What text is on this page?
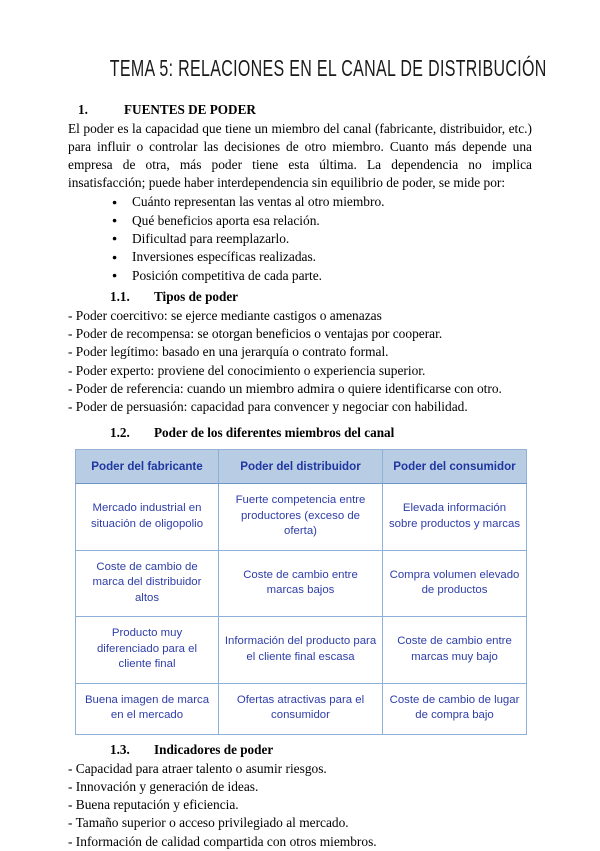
TEMA 5: RELACIONES EN EL CANAL DE DISTRIBUCIÓN
1.	FUENTES DE PODER

El poder es la capacidad que tiene un miembro del canal (fabricante, distribuidor, etc.) para influir o controlar las decisiones de otro miembro. Cuanto más depende una empresa de otra, más poder tiene esta última. La dependencia no implica insatisfacción; puede haber interdependencia sin equilibrio de poder, se mide por:

● Cuánto representan las ventas al otro miembro.
● Qué beneficios aporta esa relación.
● Dificultad para reemplazarlo.
● Inversiones específicas realizadas.
● Posición competitiva de cada parte.
1.1. Tipos de poder
- Poder coercitivo: se ejerce mediante castigos o amenazas
- Poder de recompensa: se otorgan beneficios o ventajas por cooperar.
- Poder legítimo: basado en una jerarquía o contrato formal.
- Poder experto: proviene del conocimiento o experiencia superior.
- Poder de referencia: cuando un miembro admira o quiere identificarse con otro.
- Poder de persuasión: capacidad para convencer y negociar con habilidad.
1.2. Poder de los diferentes miembros del canal
Poder del fabricante	Poder del distribuidor	Poder del consumidor
Mercado industrial en situación de oligopolio	Fuerte competencia entre productores (exceso de oferta)	Elevada información sobre productos y marcas
Coste de cambio de marca del distribuidor altos	Coste de cambio entre marcas bajos	Compra volumen elevado de productos
Producto muy diferenciado para el cliente final	Información del producto para el cliente final escasa	Coste de cambio entre marcas muy bajo
Buena imagen de marca en el mercado	Ofertas atractivas para el consumidor	Coste de cambio de lugar de compra bajo
1.3. Indicadores de poder
- Capacidad para atraer talento o asumir riesgos.
- Innovación y generación de ideas.
- Buena reputación y eficiencia.
- Tamaño superior o acceso privilegiado al mercado.
- Información de calidad compartida con otros miembros.
